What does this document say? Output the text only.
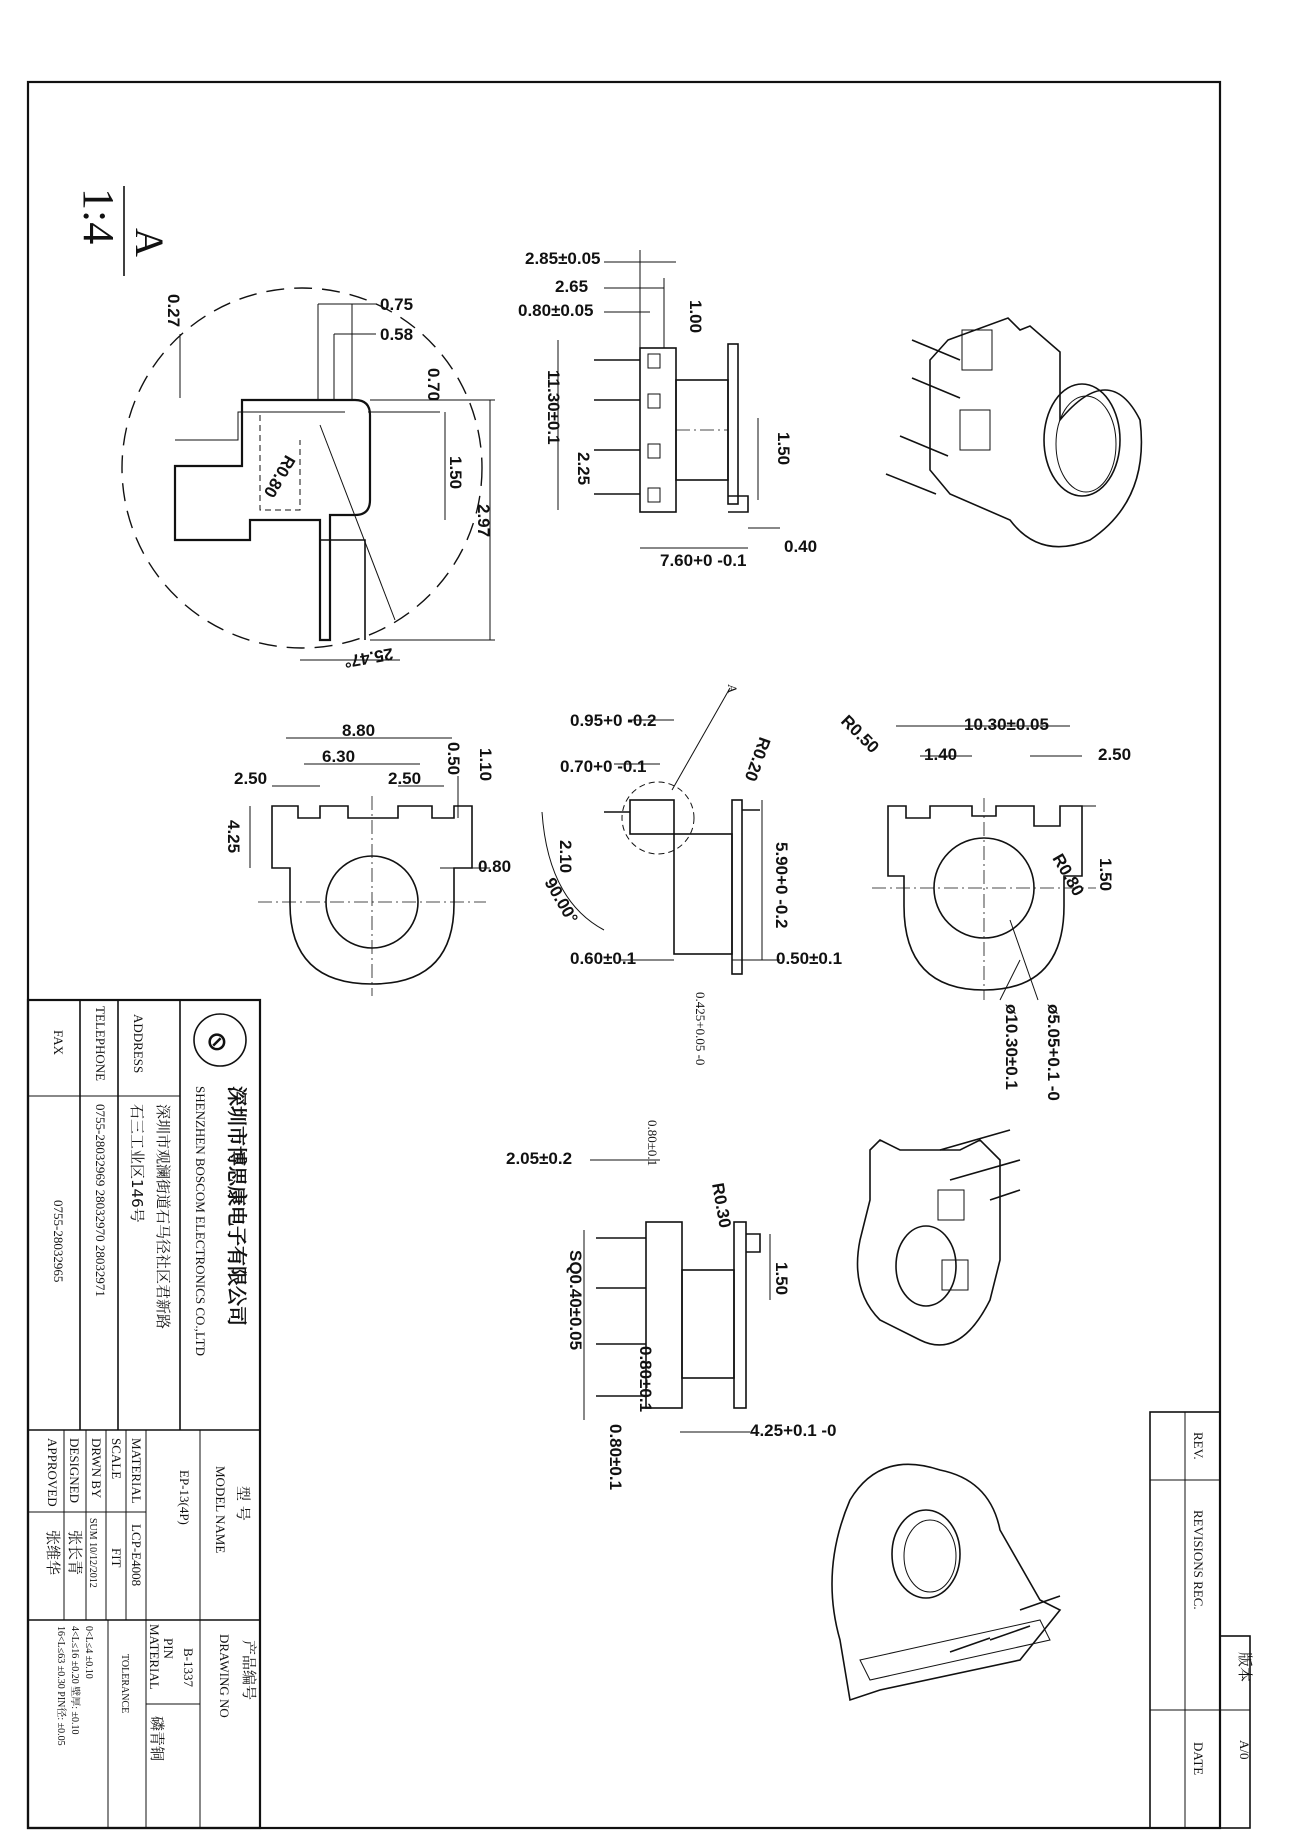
A
1:4
0.75
0.58
0.27
0.70
R0.80	1.50
2.97
25.47°
2.85±0.05
2.65
0.80±0.05	1.00
11.30±0.1
2.25
1.50
0.40
7.60+0 -0.1
8.80
6.30
2.50	2.50
0.50 1.10
4.25
0.80
0.95+0 -0.2
0.70+0 -0.1
A
R0.20
2.10	5.90+0 -0.2
90.00°
0.60±0.1	0.50±0.1
0.425+0.05 -0
10.30±0.05
1.40	2.50
R0.50
R0.80 1.50
ø5.05+0.1 -0
ø10.30±0.1
2.05±0.2	0.80±0.1
R0.30
1.50
SQ0.40±0.05
0.80±0.1
0.80±0.1	4.25+0.1 -0
⊘
深圳市博思康电子有限公司
SHENZHEN BOSCOM ELECTRONICS CO.,LTD
ADDRESS
深圳市观澜街道石马径社区君新路
石三工业区146号
TELEPHONE
0755-28032969 28032970 28032971
FAX
0755-28032965
型 号
MODEL NAME
EP-13(4P)
MATERIAL
LCP-E4008
SCALE
FIT
DRWN BY
SUM 10/12/2012
DESIGNED
张长青
APPROVED
张维华
产品编号
DRAWING NO
B-1337
PIN
MATERIAL
磷青铜
TOLERANCE
0<L≤4 ±0.10
4<L≤16 ±0.20 壁厚: ±0.10
16<L≤63 ±0.30 PIN径: ±0.05
REV.
REVISIONS REC.
DATE
版本
A/0
